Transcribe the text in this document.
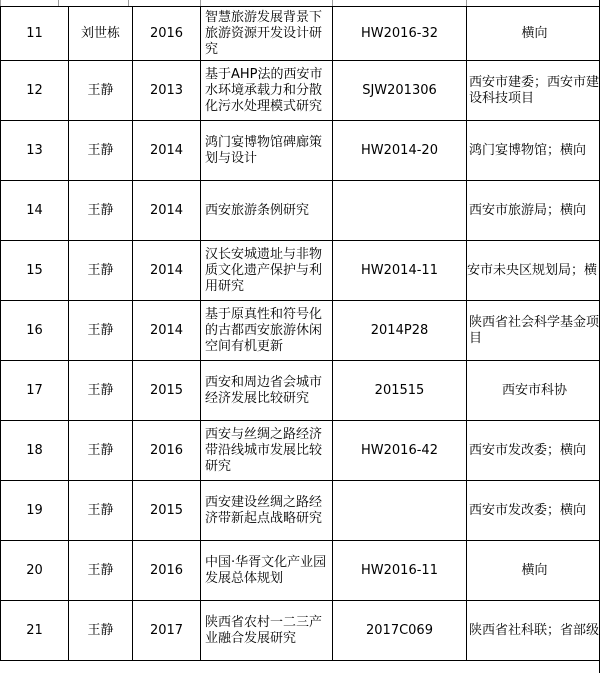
11	刘世栋	2016	智慧旅游发展背景下旅游资源开发设计研究	HW2016-32	横向
12	王静	2013	基于AHP法的西安市水环境承载力和分散化污水处理模式研究	SJW201306	西安市建委；西安市建设科技项目
13	王静	2014	鸿门宴博物馆碑廊策划与设计	HW2014-20	鸿门宴博物馆；横向
14	王静	2014	西安旅游条例研究		西安市旅游局；横向
15	王静	2014	汉长安城遗址与非物质文化遗产保护与利用研究	HW2014-11	安市未央区规划局；横
16	王静	2014	基于原真性和符号化的古都西安旅游休闲空间有机更新	2014P28	陕西省社会科学基金项目
17	王静	2015	西安和周边省会城市经济发展比较研究	201515	西安市科协
18	王静	2016	西安与丝绸之路经济带沿线城市发展比较研究	HW2016-42	西安市发改委；横向
19	王静	2015	西安建设丝绸之路经济带新起点战略研究		西安市发改委；横向
20	王静	2016	中国·华胥文化产业园发展总体规划	HW2016-11	横向
21	王静	2017	陕西省农村一二三产业融合发展研究	2017C069	陕西省社科联；省部级
